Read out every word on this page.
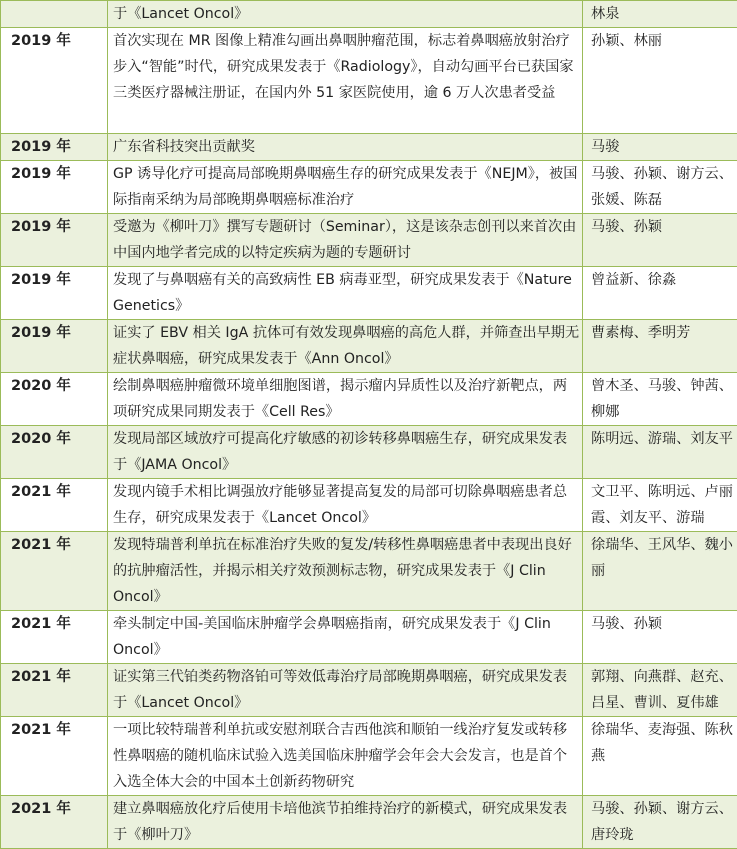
	于《Lancet Oncol》	林泉
2019 年	首次实现在 MR 图像上精准勾画出鼻咽肿瘤范围，标志着鼻咽癌放射治疗步入“智能”时代，研究成果发表于《Radiology》，自动勾画平台已获国家三类医疗器械注册证，在国内外 51 家医院使用，逾 6 万人次患者受益	孙颖、林丽
2019 年	广东省科技突出贡献奖	马骏
2019 年	GP 诱导化疗可提高局部晚期鼻咽癌生存的研究成果发表于《NEJM》，被国际指南采纳为局部晚期鼻咽癌标准治疗	马骏、孙颖、谢方云、张媛、陈磊
2019 年	受邀为《柳叶刀》撰写专题研讨（Seminar），这是该杂志创刊以来首次由中国内地学者完成的以特定疾病为题的专题研讨	马骏、孙颖
2019 年	发现了与鼻咽癌有关的高致病性 EB 病毒亚型，研究成果发表于《Nature Genetics》	曾益新、徐淼
2019 年	证实了 EBV 相关 IgA 抗体可有效发现鼻咽癌的高危人群，并筛查出早期无症状鼻咽癌，研究成果发表于《Ann Oncol》	曹素梅、季明芳
2020 年	绘制鼻咽癌肿瘤微环境单细胞图谱，揭示瘤内异质性以及治疗新靶点，两项研究成果同期发表于《Cell Res》	曾木圣、马骏、钟茜、柳娜
2020 年	发现局部区域放疗可提高化疗敏感的初诊转移鼻咽癌生存，研究成果发表于《JAMA Oncol》	陈明远、游瑞、刘友平
2021 年	发现内镜手术相比调强放疗能够显著提高复发的局部可切除鼻咽癌患者总生存，研究成果发表于《Lancet Oncol》	文卫平、陈明远、卢丽霞、刘友平、游瑞
2021 年	发现特瑞普利单抗在标准治疗失败的复发/转移性鼻咽癌患者中表现出良好的抗肿瘤活性，并揭示相关疗效预测标志物，研究成果发表于《J Clin Oncol》	徐瑞华、王风华、魏小丽
2021 年	牵头制定中国-美国临床肿瘤学会鼻咽癌指南，研究成果发表于《J Clin Oncol》	马骏、孙颖
2021 年	证实第三代铂类药物洛铂可等效低毒治疗局部晚期鼻咽癌，研究成果发表于《Lancet Oncol》	郭翔、向燕群、赵充、吕星、曹训、夏伟雄
2021 年	一项比较特瑞普利单抗或安慰剂联合吉西他滨和顺铂一线治疗复发或转移性鼻咽癌的随机临床试验入选美国临床肿瘤学会年会大会发言，也是首个入选全体大会的中国本土创新药物研究	徐瑞华、麦海强、陈秋燕
2021 年	建立鼻咽癌放化疗后使用卡培他滨节拍维持治疗的新模式，研究成果发表于《柳叶刀》	马骏、孙颖、谢方云、唐玲珑
